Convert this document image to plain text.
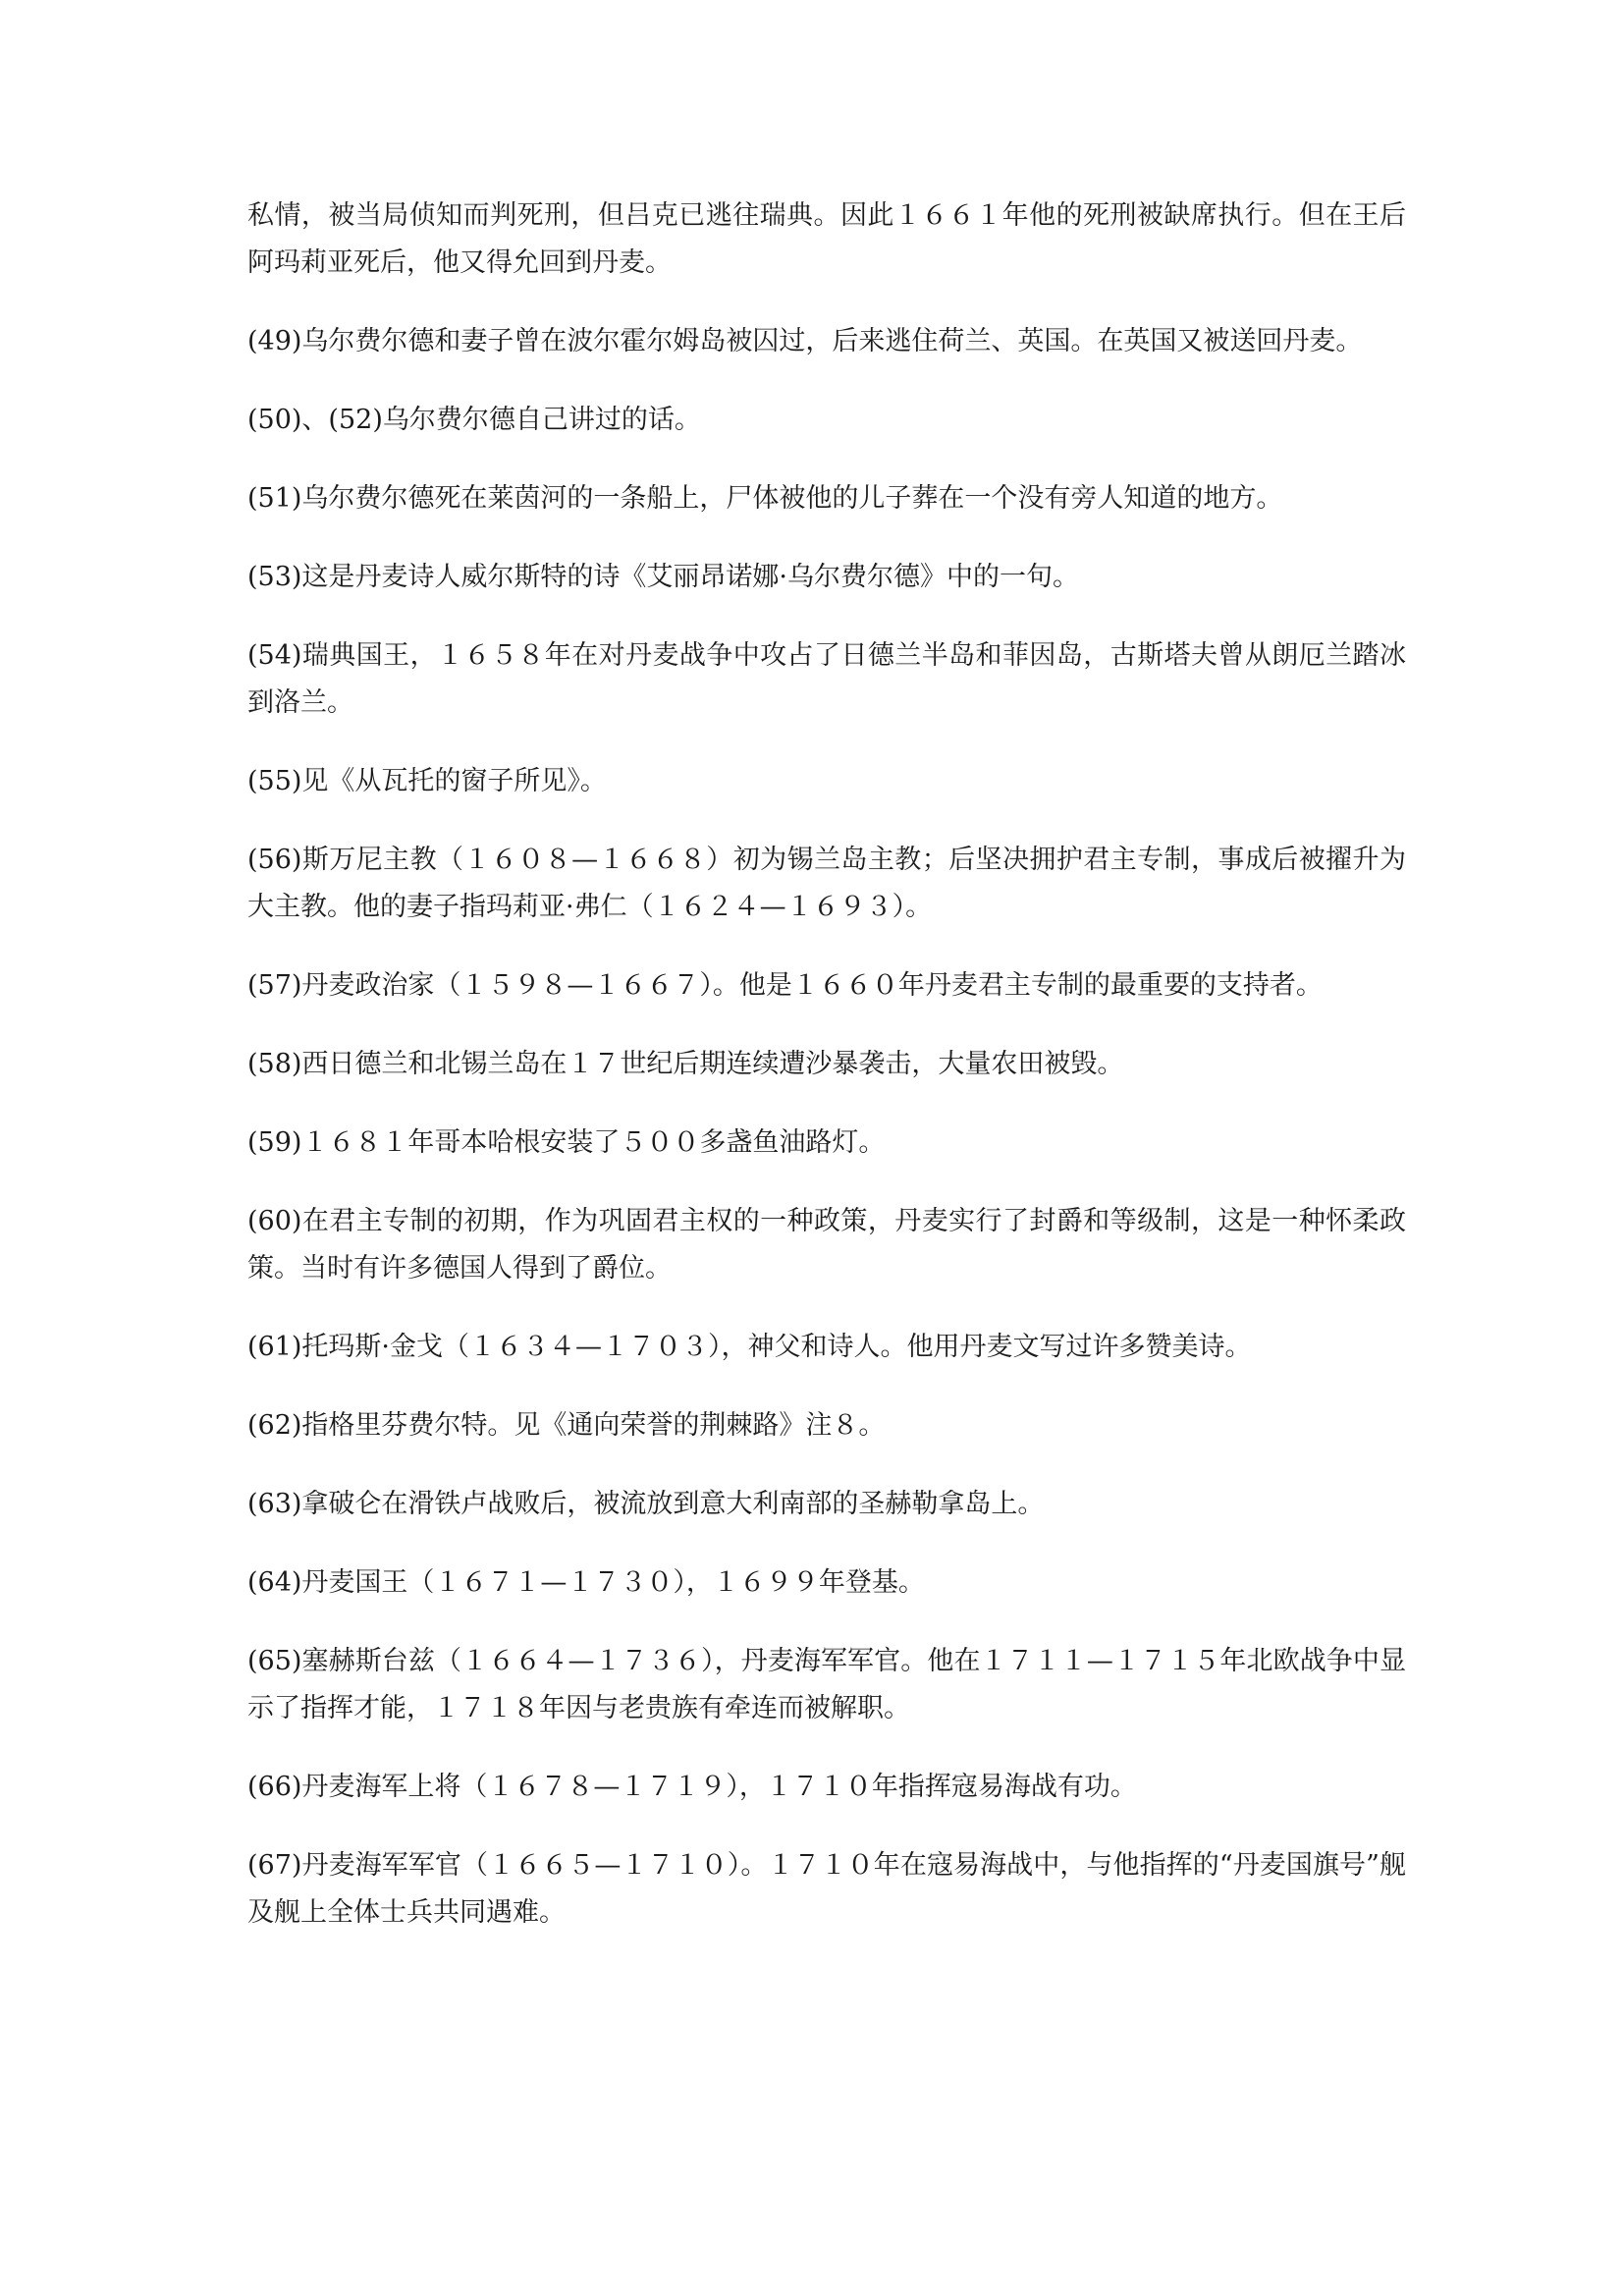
私情，被当局侦知而判死刑，但吕克已逃往瑞典。因此１６６１年他的死刑被缺席执行。但在王后阿玛莉亚死后，他又得允回到丹麦。

(49)乌尔费尔德和妻子曾在波尔霍尔姆岛被囚过，后来逃住荷兰、英国。在英国又被送回丹麦。

(50)、(52)乌尔费尔德自己讲过的话。

(51)乌尔费尔德死在莱茵河的一条船上，尸体被他的儿子葬在一个没有旁人知道的地方。

(53)这是丹麦诗人威尔斯特的诗《艾丽昂诺娜·乌尔费尔德》中的一句。

(54)瑞典国王，１６５８年在对丹麦战争中攻占了日德兰半岛和菲因岛，古斯塔夫曾从朗厄兰踏冰到洛兰。

(55)见《从瓦托的窗子所见》。

(56)斯万尼主教（１６０８—１６６８）初为锡兰岛主教；后坚决拥护君主专制，事成后被擢升为大主教。他的妻子指玛莉亚·弗仁（１６２４—１６９３）。

(57)丹麦政治家（１５９８—１６６７）。他是１６６０年丹麦君主专制的最重要的支持者。

(58)西日德兰和北锡兰岛在１７世纪后期连续遭沙暴袭击，大量农田被毁。

(59)１６８１年哥本哈根安装了５００多盏鱼油路灯。

(60)在君主专制的初期，作为巩固君主权的一种政策，丹麦实行了封爵和等级制，这是一种怀柔政策。当时有许多德国人得到了爵位。

(61)托玛斯·金戈（１６３４—１７０３），神父和诗人。他用丹麦文写过许多赞美诗。

(62)指格里芬费尔特。见《通向荣誉的荆棘路》注８。

(63)拿破仑在滑铁卢战败后，被流放到意大利南部的圣赫勒拿岛上。

(64)丹麦国王（１６７１—１７３０），１６９９年登基。

(65)塞赫斯台兹（１６６４—１７３６），丹麦海军军官。他在１７１１—１７１５年北欧战争中显示了指挥才能，１７１８年因与老贵族有牵连而被解职。

(66)丹麦海军上将（１６７８—１７１９），１７１０年指挥寇易海战有功。

(67)丹麦海军军官（１６６５—１７１０）。１７１０年在寇易海战中，与他指挥的“丹麦国旗号”舰及舰上全体士兵共同遇难。
